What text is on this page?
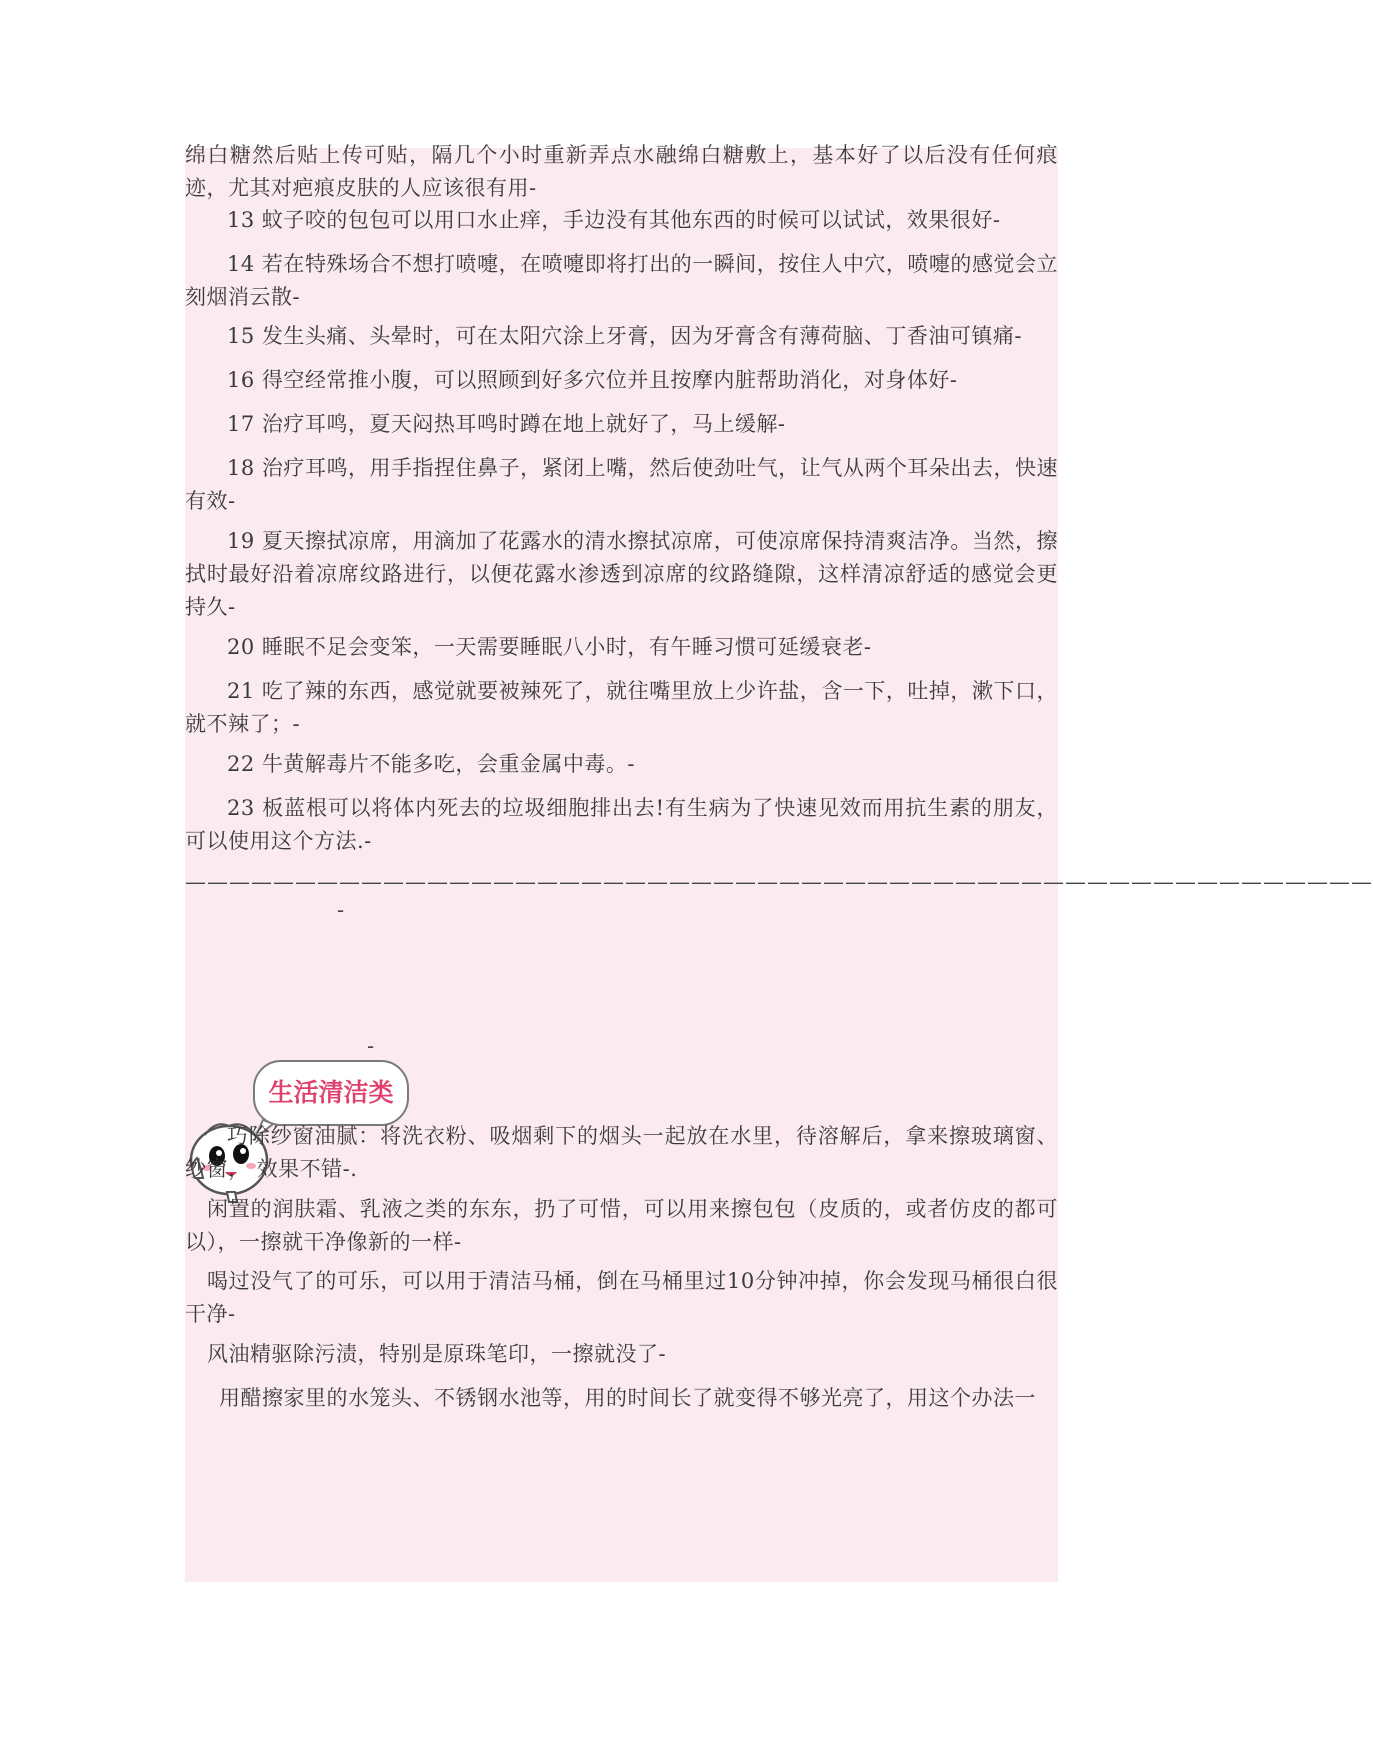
绵白糖然后贴上传可贴，隔几个小时重新弄点水融绵白糖敷上，基本好了以后没有任何痕迹，尤其对疤痕皮肤的人应该很有用-

13 蚊子咬的包包可以用口水止痒，手边没有其他东西的时候可以试试，效果很好-

14 若在特殊场合不想打喷嚏，在喷嚏即将打出的一瞬间，按住人中穴，喷嚏的感觉会立刻烟消云散-

15 发生头痛、头晕时，可在太阳穴涂上牙膏，因为牙膏含有薄荷脑、丁香油可镇痛-

16 得空经常推小腹，可以照顾到好多穴位并且按摩内脏帮助消化，对身体好-

17 治疗耳鸣，夏天闷热耳鸣时蹲在地上就好了，马上缓解-

18 治疗耳鸣，用手指捏住鼻子，紧闭上嘴，然后使劲吐气，让气从两个耳朵出去，快速有效-

19 夏天擦拭凉席，用滴加了花露水的清水擦拭凉席，可使凉席保持清爽洁净。当然，擦拭时最好沿着凉席纹路进行，以便花露水渗透到凉席的纹路缝隙，这样清凉舒适的感觉会更持久-

20 睡眠不足会变笨，一天需要睡眠八小时，有午睡习惯可延缓衰老-

21 吃了辣的东西，感觉就要被辣死了，就往嘴里放上少许盐，含一下，吐掉，漱下口，就不辣了；-

22 牛黄解毒片不能多吃，会重金属中毒。-

23 板蓝根可以将体内死去的垃圾细胞排出去!有生病为了快速见效而用抗生素的朋友，可以使用这个方法.-

——————————————————————————————————————————————————————
-
生活清洁类
-

巧除纱窗油腻：将洗衣粉、吸烟剩下的烟头一起放在水里，待溶解后，拿来擦玻璃窗、纱窗， 效果不错-.

闲置的润肤霜、乳液之类的东东，扔了可惜，可以用来擦包包（皮质的，或者仿皮的都可以），一擦就干净像新的一样-

喝过没气了的可乐，可以用于清洁马桶，倒在马桶里过10分钟冲掉，你会发现马桶很白很干净-

风油精驱除污渍，特别是原珠笔印，一擦就没了-

用醋擦家里的水笼头、不锈钢水池等，用的时间长了就变得不够光亮了，用这个办法一
